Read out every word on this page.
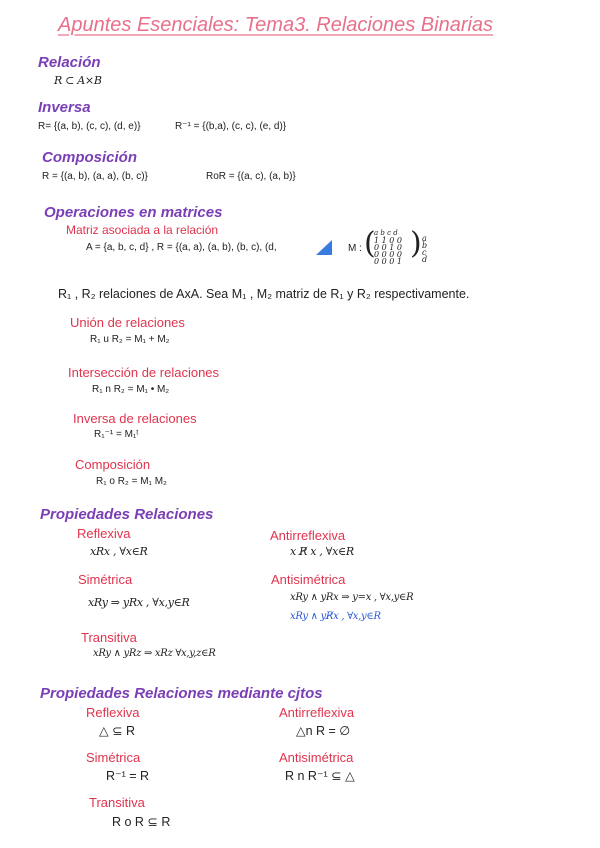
Apuntes Esenciales: Tema3. Relaciones Binarias
Relación
R ⊂ A×B
Inversa
R= {(a, b), (c, c), (d, e)}	R⁻¹ = {(b,a), (c, c), (e, d)}
Composición
R = {(a, b), (a, a), (b, c)}	RoR = {(a, c), (a, b)}
Operaciones en matrices
Matriz asociada a la relación
A = {a, b, c, d} , R = {(a, a), (a, b), (b, c), (d,	M : (
a b c d
1 1 0 0
0 0 1 0
0 0 0 0
0 0 0 1
) a
b
c
d
R₁ , R₂ relaciones de AxA. Sea M₁ , M₂ matriz de R₁ y R₂ respectivamente.
Unión de relaciones
R₁ u R₂ = M₁ + M₂
Intersección de relaciones
R₁ n R₂ = M₁ • M₂
Inversa de relaciones
R₁⁻¹ = M₁ᵗ
Composición
R₁ o R₂ = M₁ M₂
Propiedades Relaciones
Reflexiva
xRx , ∀x∈R
Antirreflexiva
x R̸ x , ∀x∈R
Simétrica
xRy ⇒ yRx , ∀x,y∈R
Antisimétrica
xRy ∧ yRx ⇒ y=x , ∀x,y∈R
xRy ∧ yR̸x , ∀x,y∈R
Transitiva
xRy ∧ yRz ⇒ xRz ∀x,y,z∈R
Propiedades Relaciones mediante cjtos
Reflexiva
△ ⊆ R
Antirreflexiva
△n R = ∅
Simétrica
R⁻¹ = R
Antisimétrica
R n R⁻¹ ⊆ △
Transitiva
R o R ⊆ R
